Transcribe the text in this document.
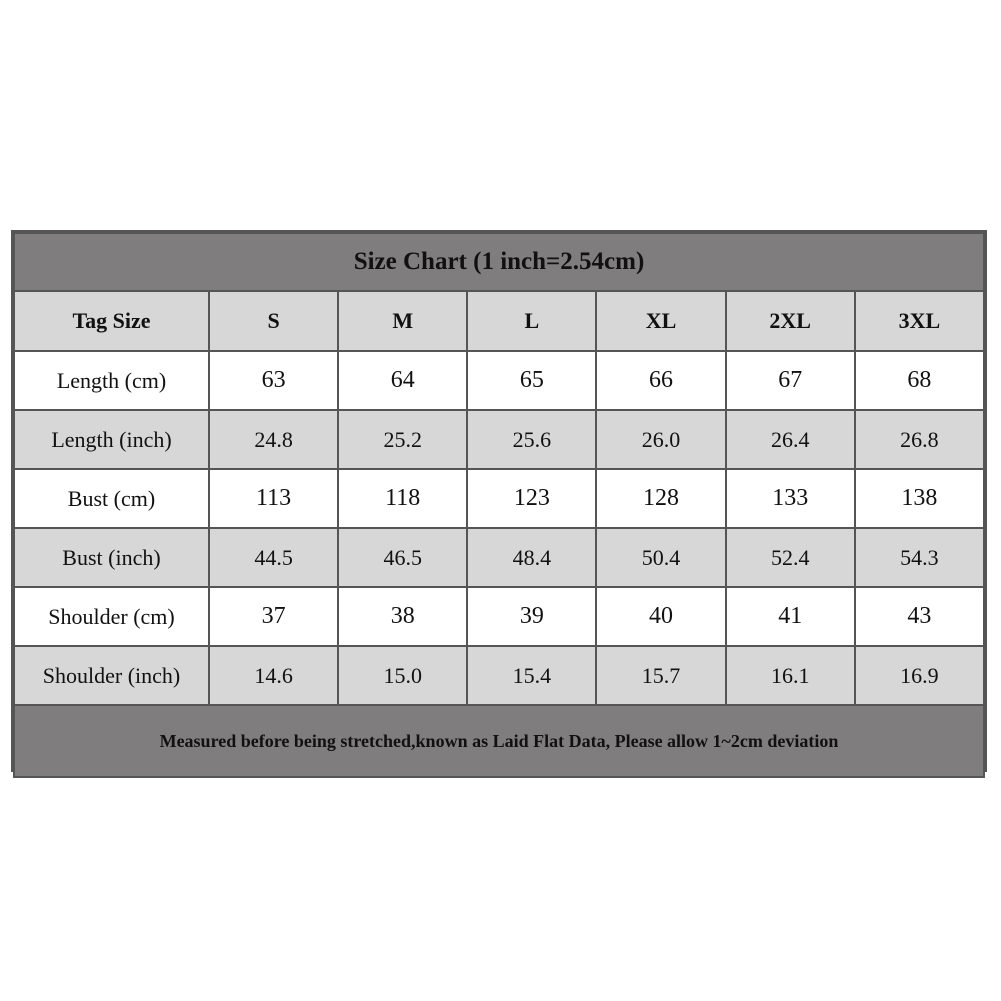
Size Chart (1 inch=2.54cm)						
Tag Size	S	M	L	XL	2XL	3XL
Length (cm)	63	64	65	66	67	68
Length (inch)	24.8	25.2	25.6	26.0	26.4	26.8
Bust (cm)	113	118	123	128	133	138
Bust (inch)	44.5	46.5	48.4	50.4	52.4	54.3
Shoulder (cm)	37	38	39	40	41	43
Shoulder (inch)	14.6	15.0	15.4	15.7	16.1	16.9
Measured before being stretched,known as Laid Flat Data, Please allow 1~2cm deviation						
